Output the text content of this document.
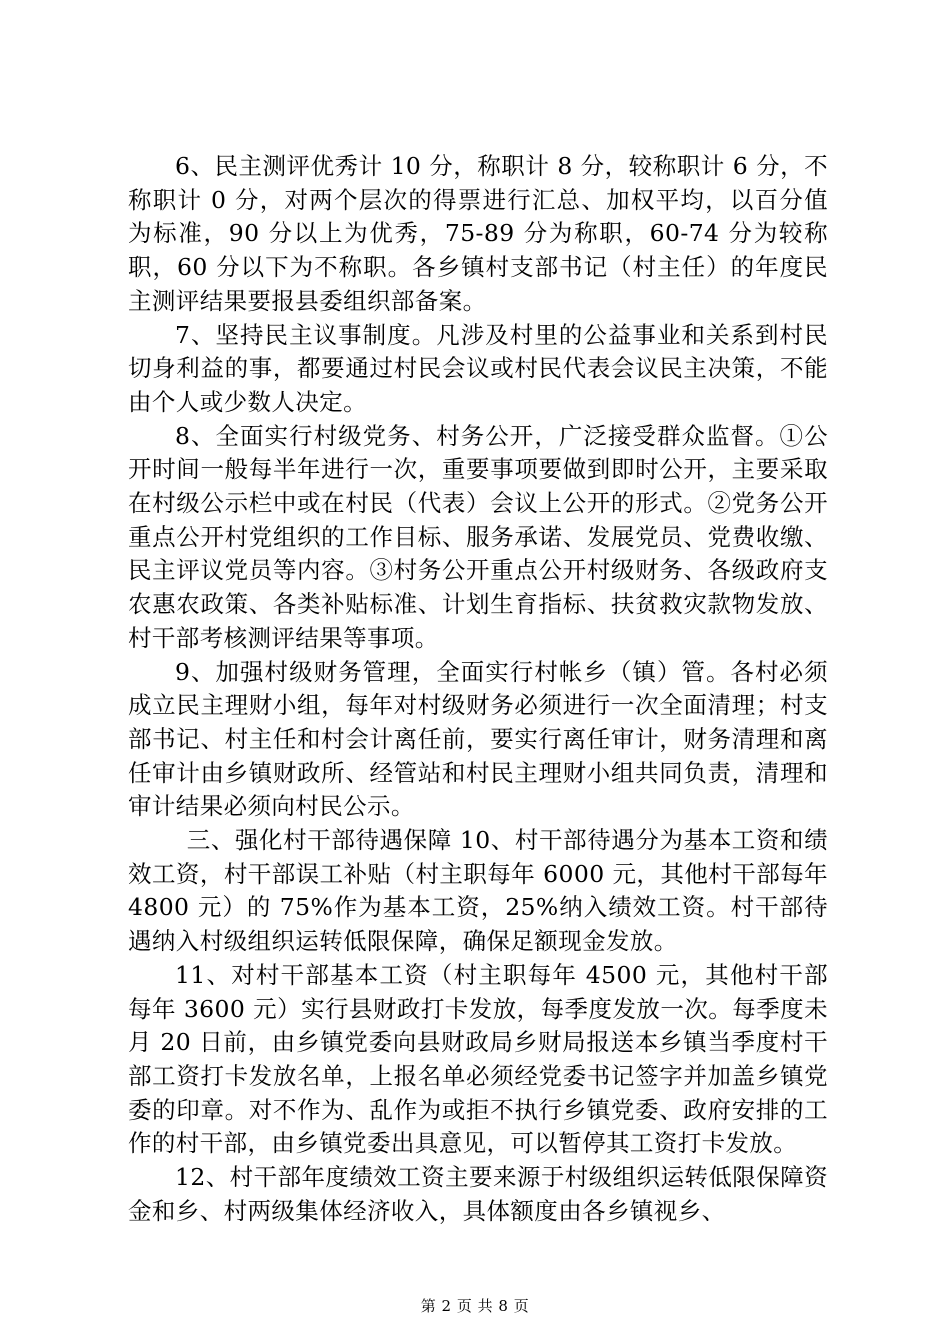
6、民主测评优秀计 10 分，称职计 8 分，较称职计 6 分，不称职计 0 分，对两个层次的得票进行汇总、加权平均，以百分值为标准，90 分以上为优秀，75-89 分为称职，60-74 分为较称职，60 分以下为不称职。各乡镇村支部书记（村主任）的年度民主测评结果要报县委组织部备案。

7、坚持民主议事制度。凡涉及村里的公益事业和关系到村民切身利益的事，都要通过村民会议或村民代表会议民主决策，不能由个人或少数人决定。

8、全面实行村级党务、村务公开，广泛接受群众监督。①公开时间一般每半年进行一次，重要事项要做到即时公开，主要采取在村级公示栏中或在村民（代表）会议上公开的形式。②党务公开重点公开村党组织的工作目标、服务承诺、发展党员、党费收缴、民主评议党员等内容。③村务公开重点公开村级财务、各级政府支农惠农政策、各类补贴标准、计划生育指标、扶贫救灾款物发放、村干部考核测评结果等事项。

9、加强村级财务管理，全面实行村帐乡（镇）管。各村必须成立民主理财小组，每年对村级财务必须进行一次全面清理；村支部书记、村主任和村会计离任前，要实行离任审计，财务清理和离任审计由乡镇财政所、经管站和村民主理财小组共同负责，清理和审计结果必须向村民公示。

三、强化村干部待遇保障 10、村干部待遇分为基本工资和绩效工资，村干部误工补贴（村主职每年 6000 元，其他村干部每年 4800 元）的 75%作为基本工资，25%纳入绩效工资。村干部待遇纳入村级组织运转低限保障，确保足额现金发放。

11、对村干部基本工资（村主职每年 4500 元，其他村干部每年 3600 元）实行县财政打卡发放，每季度发放一次。每季度未月 20 日前，由乡镇党委向县财政局乡财局报送本乡镇当季度村干部工资打卡发放名单，上报名单必须经党委书记签字并加盖乡镇党委的印章。对不作为、乱作为或拒不执行乡镇党委、政府安排的工作的村干部，由乡镇党委出具意见，可以暂停其工资打卡发放。

12、村干部年度绩效工资主要来源于村级组织运转低限保障资金和乡、村两级集体经济收入，具体额度由各乡镇视乡、

第 2 页 共 8 页
